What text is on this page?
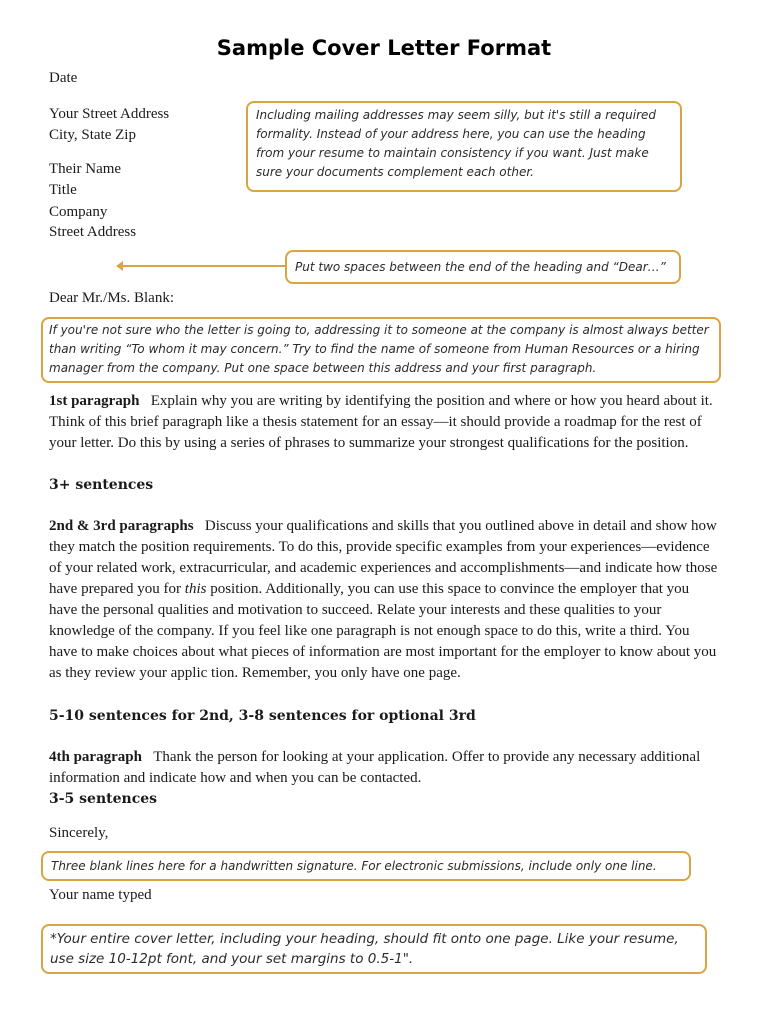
Sample Cover Letter Format
Date
Your Street Address
City, State Zip
Their Name
Title
Company
Street Address
Including mailing addresses may seem silly, but it's still a required formality. Instead of your address here, you can use the heading from your resume to maintain consistency if you want. Just make sure your documents complement each other.
Put two spaces between the end of the heading and “Dear…”
Dear Mr./Ms. Blank:
If you're not sure who the letter is going to, addressing it to someone at the company is almost always better than writing “To whom it may concern.” Try to find the name of someone from Human Resources or a hiring manager from the company. Put one space between this address and your first paragraph.
1st paragraph Explain why you are writing by identifying the position and where or how you heard about it. Think of this brief paragraph like a thesis statement for an essay—it should provide a roadmap for the rest of your letter. Do this by using a series of phrases to summarize your strongest qualifications for the position.
3+ sentences
2nd & 3rd paragraphs Discuss your qualifications and skills that you outlined above in detail and show how they match the position requirements. To do this, provide specific examples from your experiences—evidence of your related work, extracurricular, and academic experiences and accomplishments—and indicate how those have prepared you for this position. Additionally, you can use this space to convince the employer that you have the personal qualities and motivation to succeed. Relate your interests and these qualities to your knowledge of the company. If you feel like one paragraph is not enough space to do this, write a third. You have to make choices about what pieces of information are most important for the employer to know about you as they review your applic tion. Remember, you only have one page.
5-10 sentences for 2nd, 3-8 sentences for optional 3rd
4th paragraph Thank the person for looking at your application. Offer to provide any necessary additional information and indicate how and when you can be contacted.
3-5 sentences
Sincerely,
Three blank lines here for a handwritten signature. For electronic submissions, include only one line.
Your name typed
*Your entire cover letter, including your heading, should fit onto one page. Like your resume, use size 10-12pt font, and your set margins to 0.5-1".
